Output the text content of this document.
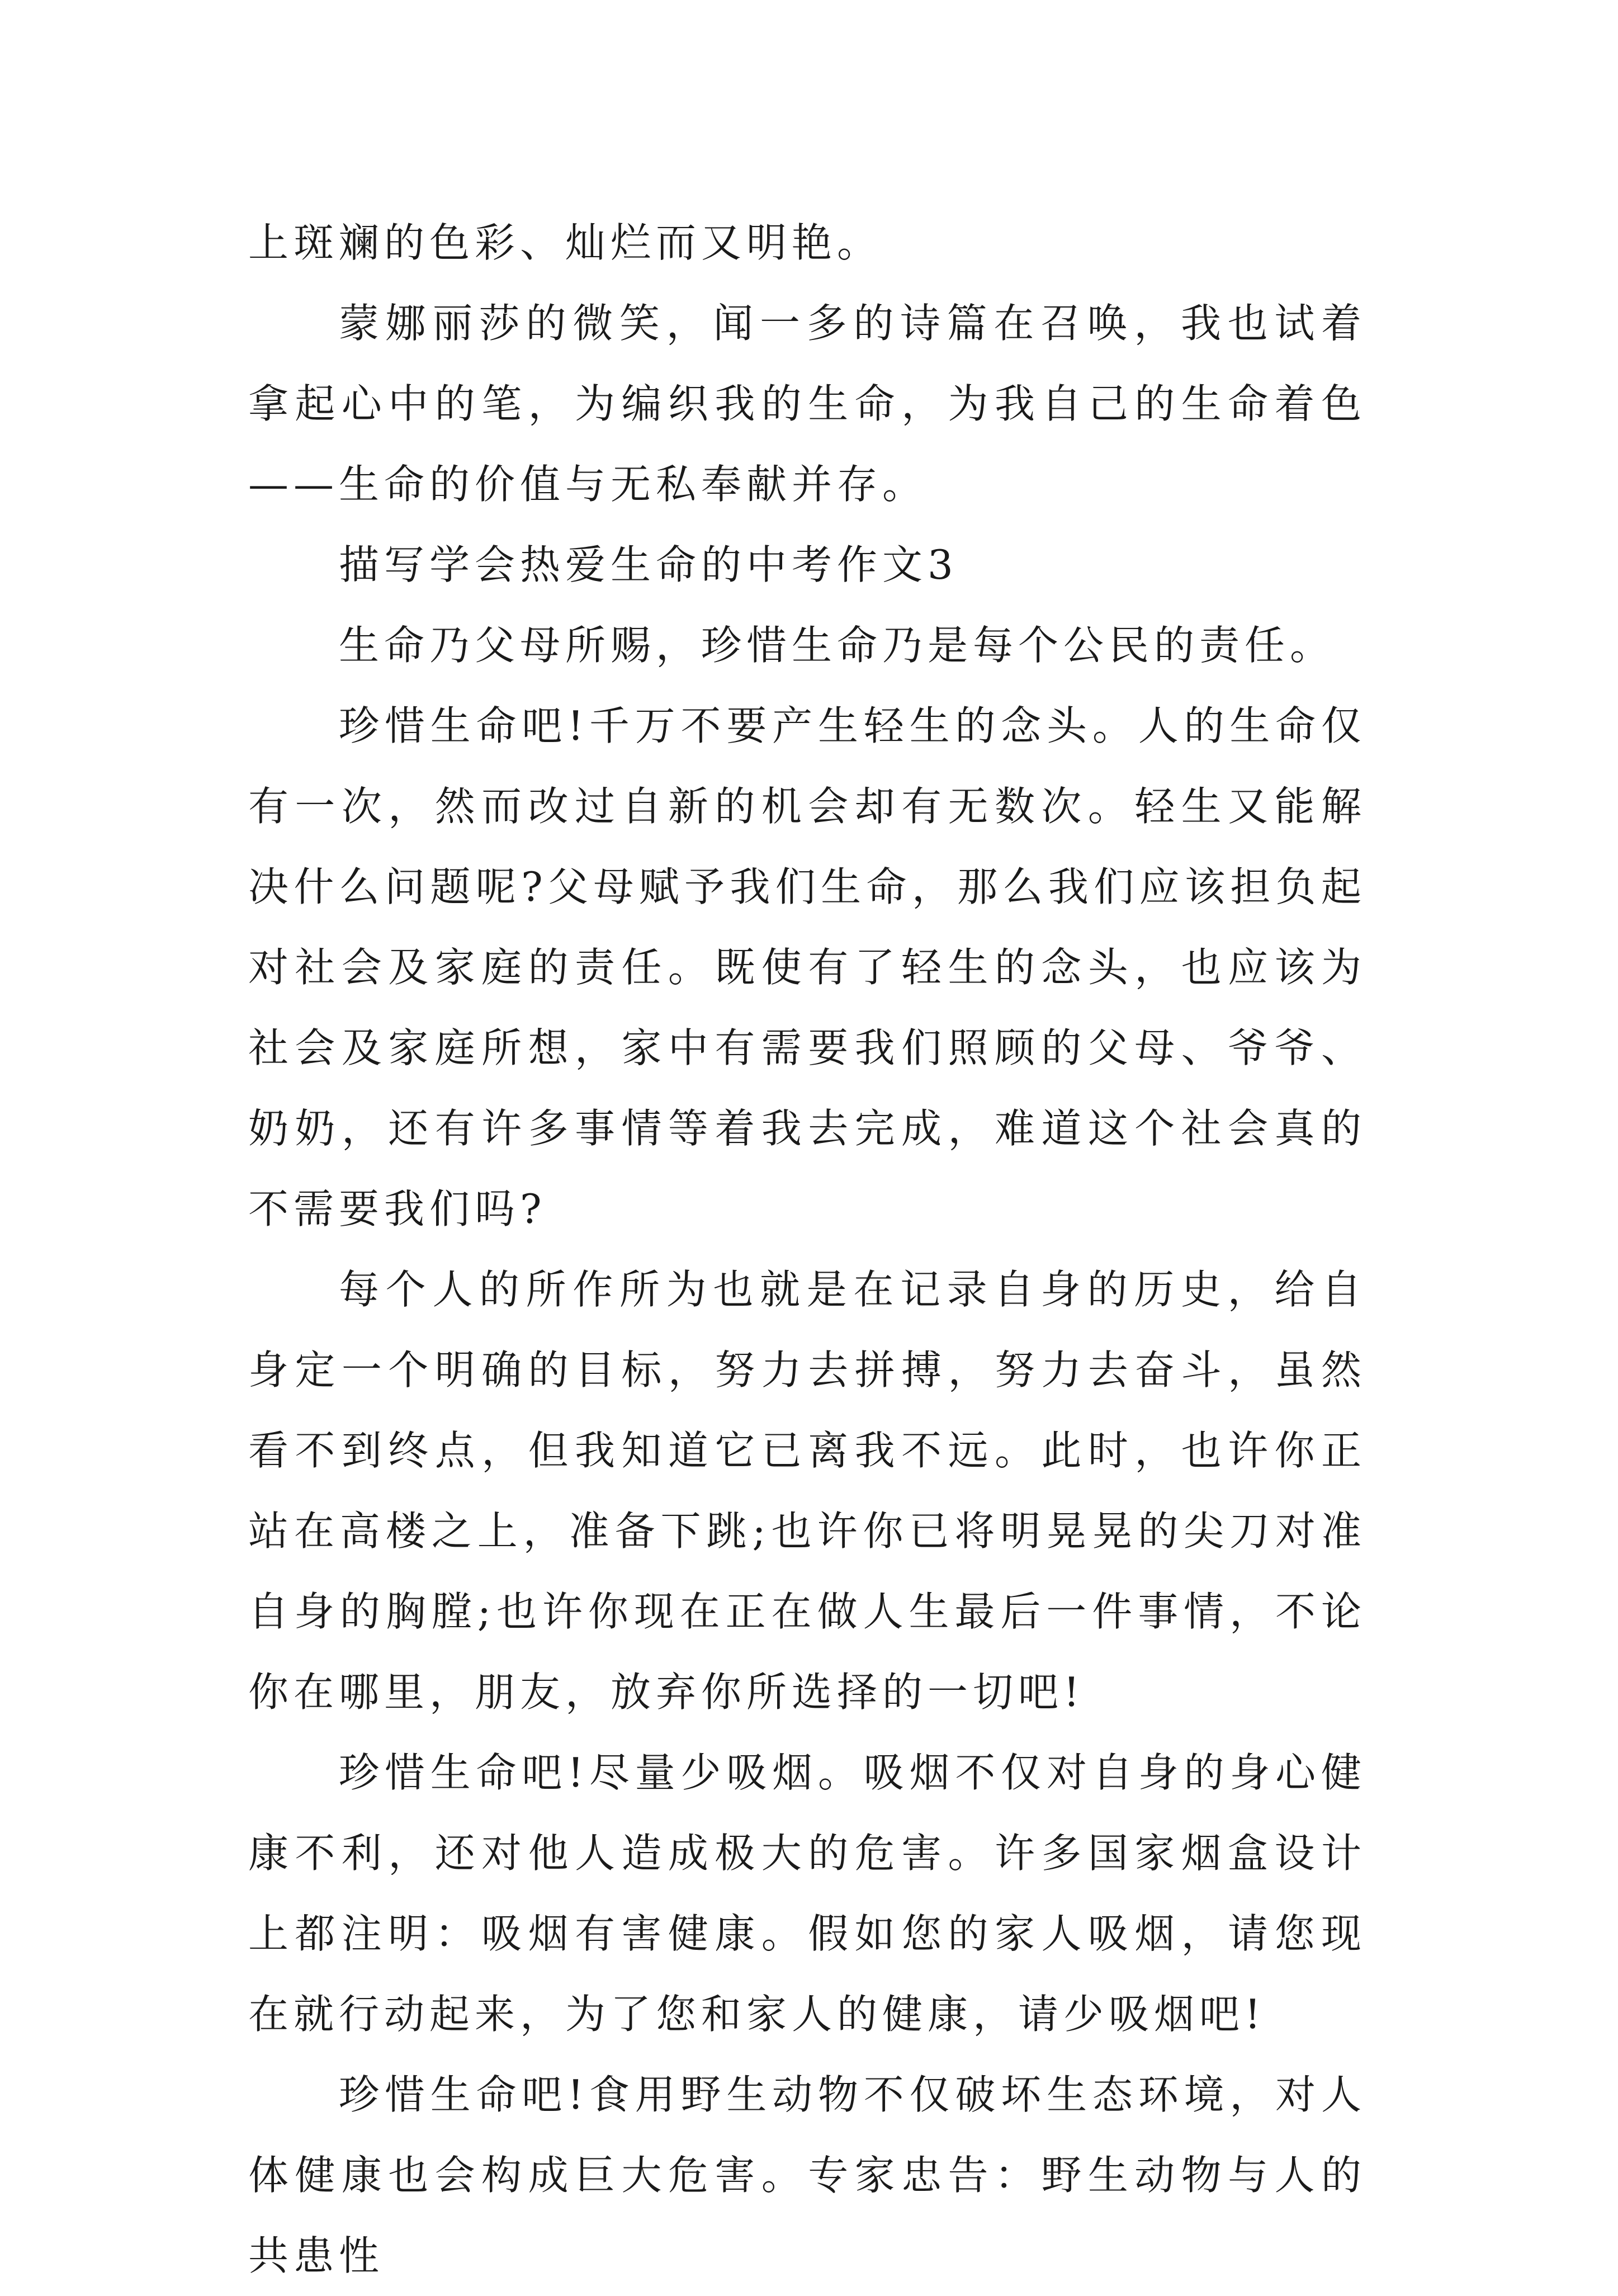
上斑斓的色彩、灿烂而又明艳。

蒙娜丽莎的微笑，闻一多的诗篇在召唤，我也试着拿起心中的笔，为编织我的生命，为我自己的生命着色——生命的价值与无私奉献并存。

描写学会热爱生命的中考作文3

生命乃父母所赐，珍惜生命乃是每个公民的责任。

珍惜生命吧!千万不要产生轻生的念头。人的生命仅有一次，然而改过自新的机会却有无数次。轻生又能解决什么问题呢?父母赋予我们生命，那么我们应该担负起对社会及家庭的责任。既使有了轻生的念头，也应该为社会及家庭所想，家中有需要我们照顾的父母、爷爷、奶奶，还有许多事情等着我去完成，难道这个社会真的不需要我们吗?

每个人的所作所为也就是在记录自身的历史，给自身定一个明确的目标，努力去拼搏，努力去奋斗，虽然看不到终点，但我知道它已离我不远。此时，也许你正站在高楼之上，准备下跳;也许你已将明晃晃的尖刀对准自身的胸膛;也许你现在正在做人生最后一件事情，不论你在哪里，朋友，放弃你所选择的一切吧!

珍惜生命吧!尽量少吸烟。吸烟不仅对自身的身心健康不利，还对他人造成极大的危害。许多国家烟盒设计上都注明：吸烟有害健康。假如您的家人吸烟，请您现在就行动起来，为了您和家人的健康，请少吸烟吧!

珍惜生命吧!食用野生动物不仅破坏生态环境，对人体健康也会构成巨大危害。专家忠告：野生动物与人的共患性
